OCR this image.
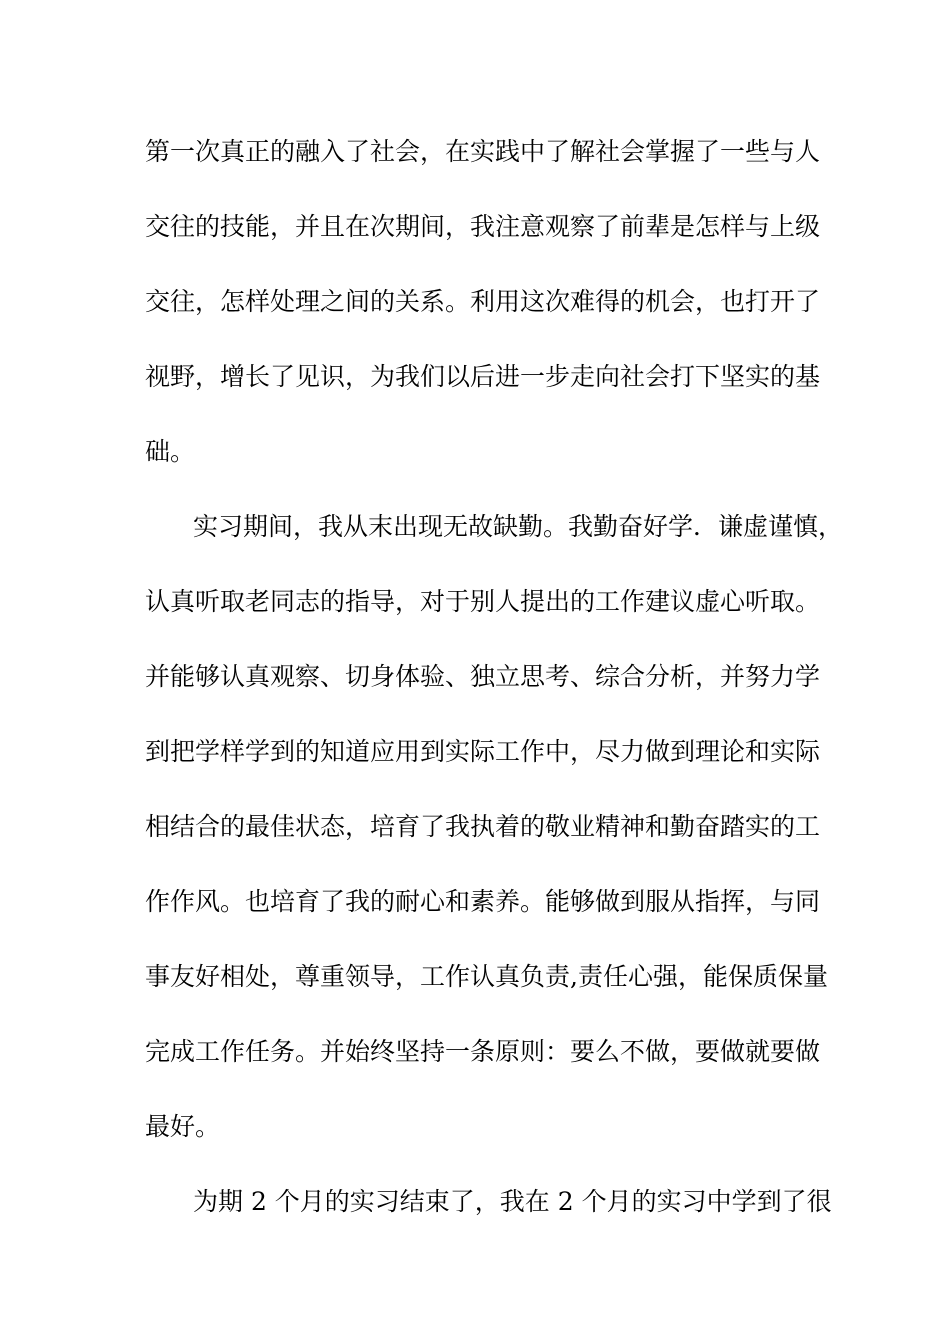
第一次真正的融入了社会，在实践中了解社会掌握了一些与人
交往的技能，并且在次期间，我注意观察了前辈是怎样与上级
交往，怎样处理之间的关系。利用这次难得的机会，也打开了
视野，增长了见识，为我们以后进一步走向社会打下坚实的基
础。
实习期间，我从末出现无故缺勤。我勤奋好学．谦虚谨慎，
认真听取老同志的指导，对于别人提出的工作建议虚心听取。
并能够认真观察、切身体验、独立思考、综合分析，并努力学
到把学样学到的知道应用到实际工作中，尽力做到理论和实际
相结合的最佳状态，培育了我执着的敬业精神和勤奋踏实的工
作作风。也培育了我的耐心和素养。能够做到服从指挥，与同
事友好相处，尊重领导，工作认真负责,责任心强，能保质保量
完成工作任务。并始终坚持一条原则：要么不做，要做就要做
最好。
为期 2 个月的实习结束了，我在 2 个月的实习中学到了很
